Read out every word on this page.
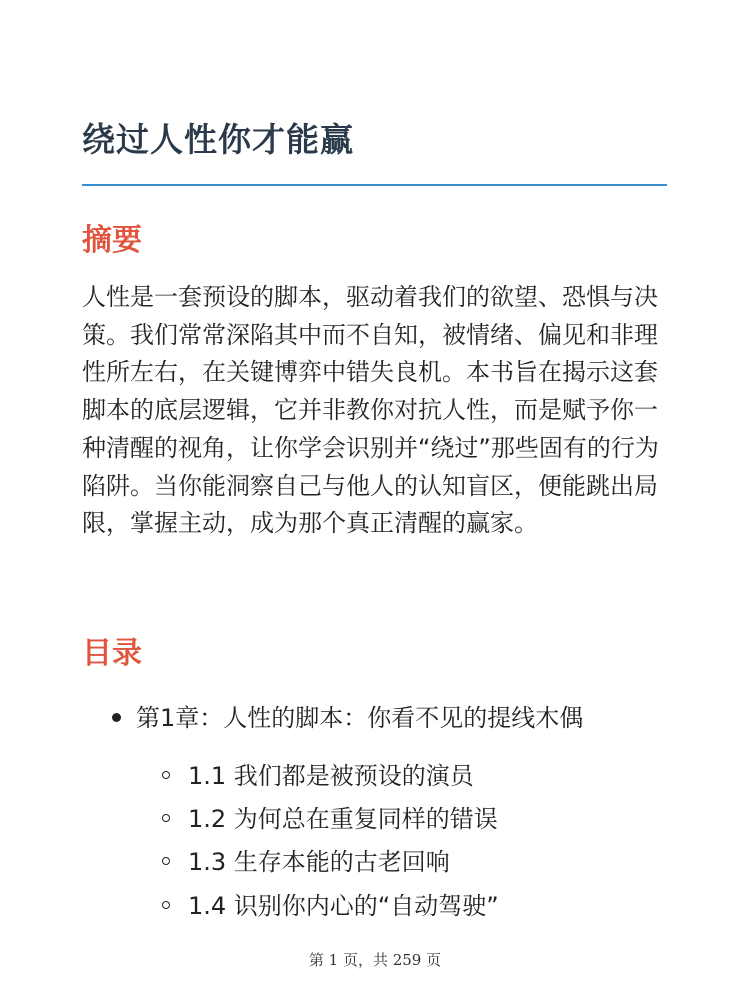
绕过人性你才能赢
摘要

人性是一套预设的脚本，驱动着我们的欲望、恐惧与决策。我们常常深陷其中而不自知，被情绪、偏见和非理性所左右，在关键博弈中错失良机。本书旨在揭示这套脚本的底层逻辑，它并非教你对抗人性，而是赋予你一种清醒的视角，让你学会识别并“绕过”那些固有的行为陷阱。当你能洞察自己与他人的认知盲区，便能跳出局限，掌握主动，成为那个真正清醒的赢家。

目录
第1章：人性的脚本：你看不见的提线木偶
1.1 我们都是被预设的演员
1.2 为何总在重复同样的错误
1.3 生存本能的古老回响
1.4 识别你内心的“自动驾驶”
第 1 页，共 259 页
